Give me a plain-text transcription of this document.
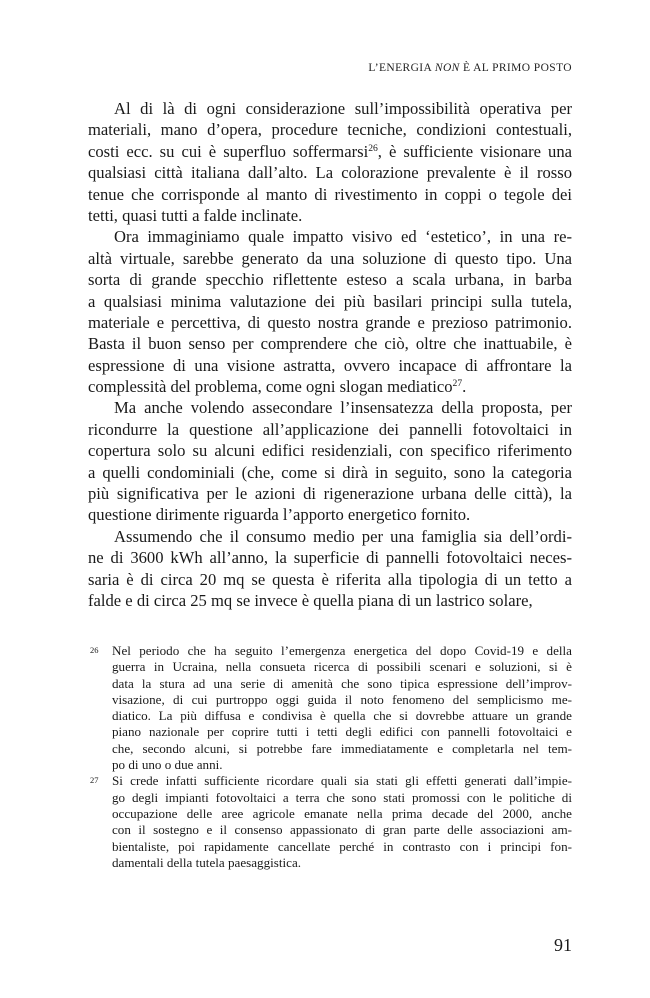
L’ENERGIA NON È AL PRIMO POSTO
Al di là di ogni considerazione sull’impossibilità operativa per
materiali, mano d’opera, procedure tecniche, condizioni contestuali,
costi ecc. su cui è superfluo soffermarsi$^{26}$, è sufficiente visionare una
qualsiasi città italiana dall’alto. La colorazione prevalente è il rosso
tenue che corrisponde al manto di rivestimento in coppi o tegole dei
tetti, quasi tutti a falde inclinate.
Ora immaginiamo quale impatto visivo ed ‘estetico’, in una re-
altà virtuale, sarebbe generato da una soluzione di questo tipo. Una
sorta di grande specchio riflettente esteso a scala urbana, in barba
a qualsiasi minima valutazione dei più basilari principi sulla tutela,
materiale e percettiva, di questo nostra grande e prezioso patrimonio.
Basta il buon senso per comprendere che ciò, oltre che inattuabile, è
espressione di una visione astratta, ovvero incapace di affrontare la
complessità del problema, come ogni slogan mediatico$^{27}$.
Ma anche volendo assecondare l’insensatezza della proposta, per
ricondurre la questione all’applicazione dei pannelli fotovoltaici in
copertura solo su alcuni edifici residenziali, con specifico riferimento
a quelli condominiali (che, come si dirà in seguito, sono la categoria
più significativa per le azioni di rigenerazione urbana delle città), la
questione dirimente riguarda l’apporto energetico fornito.
Assumendo che il consumo medio per una famiglia sia dell’ordi-
ne di 3600 kWh all’anno, la superficie di pannelli fotovoltaici neces-
saria è di circa 20 mq se questa è riferita alla tipologia di un tetto a
falde e di circa 25 mq se invece è quella piana di un lastrico solare,
26 Nel periodo che ha seguito l’emergenza energetica del dopo Covid-19 e della
guerra in Ucraina, nella consueta ricerca di possibili scenari e soluzioni, si è
data la stura ad una serie di amenità che sono tipica espressione dell’improv-
visazione, di cui purtroppo oggi guida il noto fenomeno del semplicismo me-
diatico. La più diffusa e condivisa è quella che si dovrebbe attuare un grande
piano nazionale per coprire tutti i tetti degli edifici con pannelli fotovoltaici e
che, secondo alcuni, si potrebbe fare immediatamente e completarla nel tem-
po di uno o due anni.
27 Si crede infatti sufficiente ricordare quali sia stati gli effetti generati dall’impie-
go degli impianti fotovoltaici a terra che sono stati promossi con le politiche di
occupazione delle aree agricole emanate nella prima decade del 2000, anche
con il sostegno e il consenso appassionato di gran parte delle associazioni am-
bientaliste, poi rapidamente cancellate perché in contrasto con i principi fon-
damentali della tutela paesaggistica.
91
